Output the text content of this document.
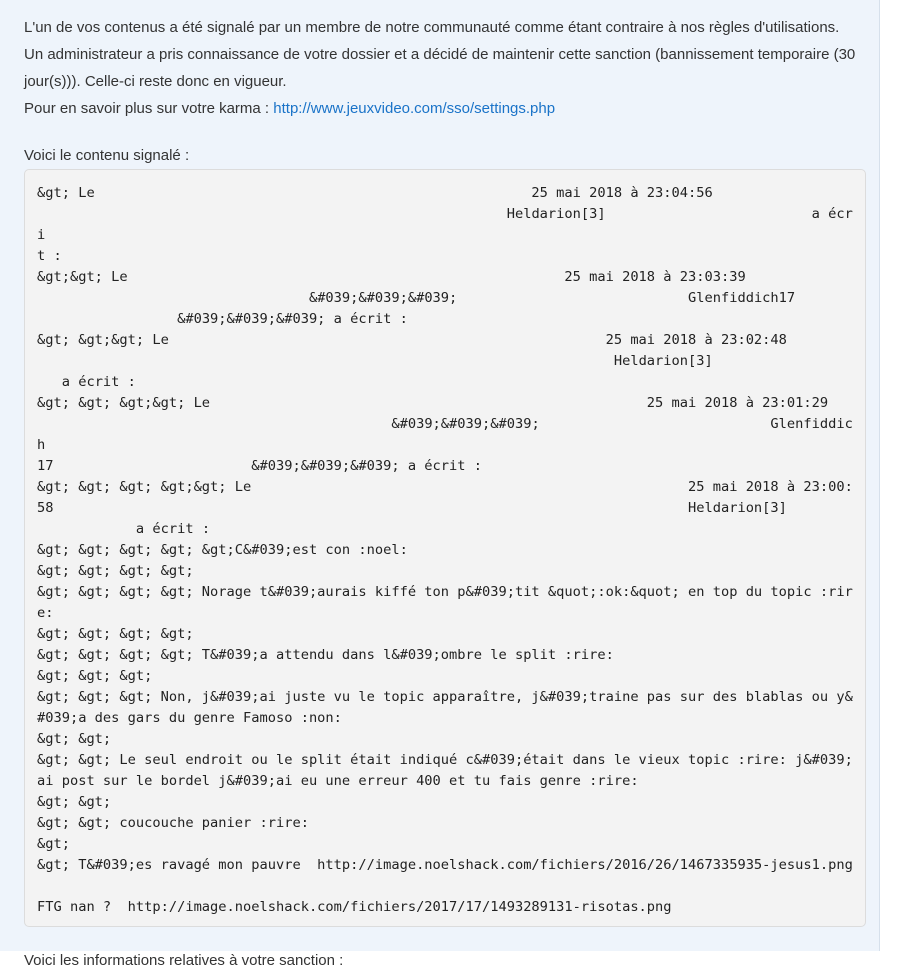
L'un de vos contenus a été signalé par un membre de notre communauté comme étant contraire à nos règles d'utilisations.

Un administrateur a pris connaissance de votre dossier et a décidé de maintenir cette sanction (bannissement temporaire (30 jour(s))). Celle-ci reste donc en vigueur.

Pour en savoir plus sur votre karma : http://www.jeuxvideo.com/sso/settings.php

Voici le contenu signalé :

&gt; Le                                                     25 mai 2018 à 23:04:56
Heldarion[3]                         a écri
t :
&gt;&gt; Le                                                     25 mai 2018 à 23:03:39
&#039;&#039;&#039;                            Glenfiddich17
&#039;&#039;&#039; a écrit :
&gt; &gt;&gt; Le                                                     25 mai 2018 à 23:02:48
Heldarion[3]
a écrit :
&gt; &gt; &gt;&gt; Le                                                     25 mai 2018 à 23:01:29
&#039;&#039;&#039;                            Glenfiddich
17                        &#039;&#039;&#039; a écrit :
&gt; &gt; &gt; &gt;&gt; Le                                                     25 mai 2018 à 23:00:
58                                                                             Heldarion[3]
a écrit :
&gt; &gt; &gt; &gt; &gt;C&#039;est con :noel:
&gt; &gt; &gt; &gt;
&gt; &gt; &gt; &gt; Norage t&#039;aurais kiffé ton p&#039;tit &quot;:ok:&quot; en top du topic :rir
e:
&gt; &gt; &gt; &gt;
&gt; &gt; &gt; &gt; T&#039;a attendu dans l&#039;ombre le split :rire:
&gt; &gt; &gt;
&gt; &gt; &gt; Non, j&#039;ai juste vu le topic apparaître, j&#039;traine pas sur des blablas ou y&
#039;a des gars du genre Famoso :non:
&gt; &gt;
&gt; &gt; Le seul endroit ou le split était indiqué c&#039;était dans le vieux topic :rire: j&#039;
ai post sur le bordel j&#039;ai eu une erreur 400 et tu fais genre :rire:
&gt; &gt;
&gt; &gt; coucouche panier :rire:
&gt;
&gt; T&#039;es ravagé mon pauvre  http://image.noelshack.com/fichiers/2016/26/1467335935-jesus1.png

FTG nan ?  http://image.noelshack.com/fichiers/2017/17/1493289131-risotas.png

Voici les informations relatives à votre sanction :
